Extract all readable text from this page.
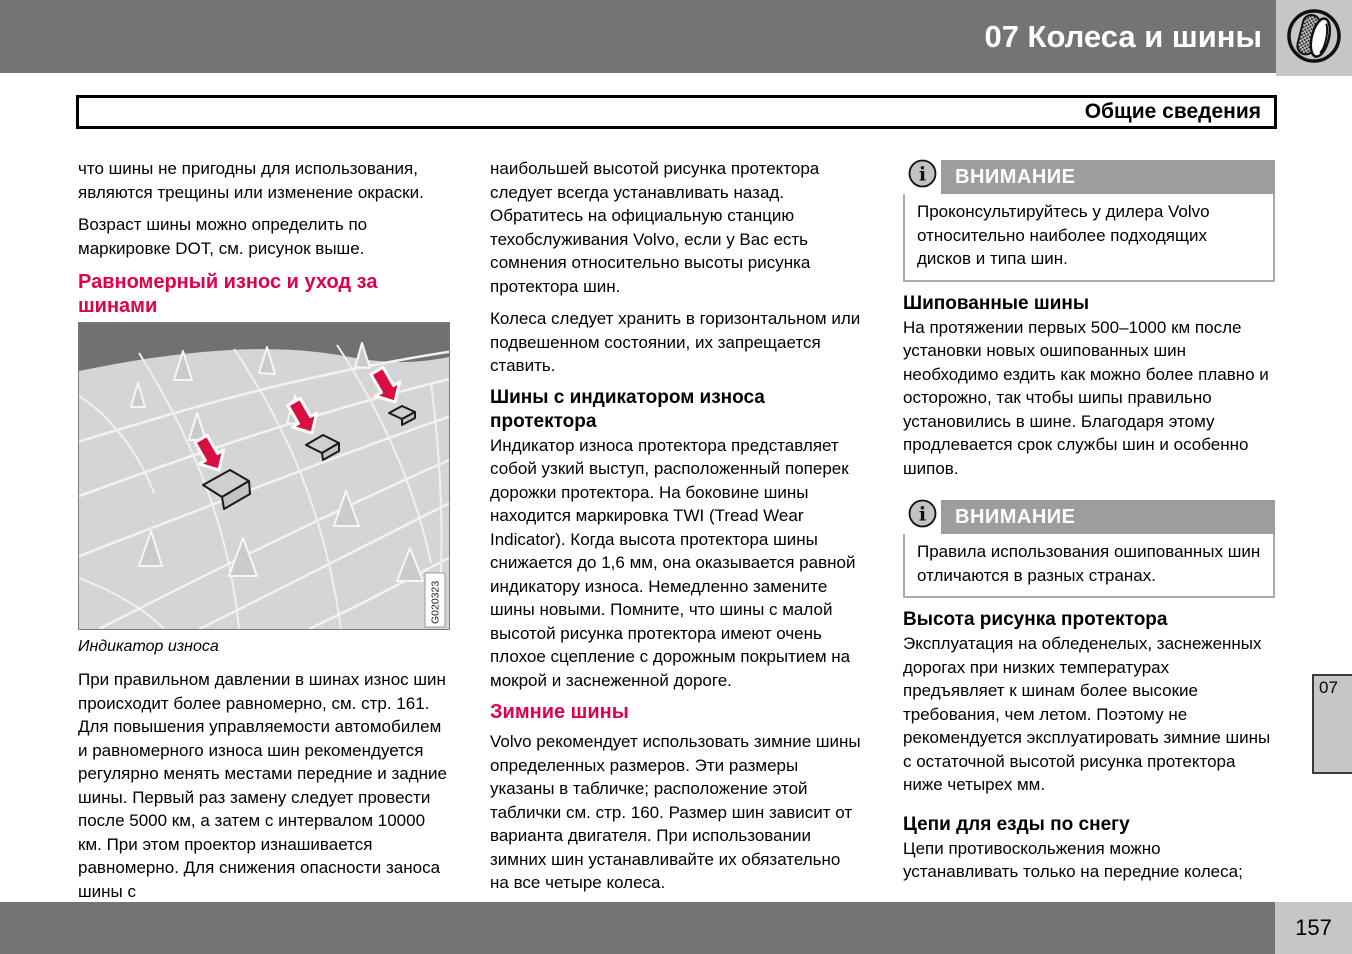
07 Колеса и шины
Общие сведения

что шины не пригодны для использования, являются трещины или изменение окраски.

Возраст шины можно определить по маркировке DOT, см. рисунок выше.

Равномерный износ и уход за шинами
G020323
Индикатор износа

При правильном давлении в шинах износ шин происходит более равномерно, см. стр. 161. Для повышения управляемости автомобилем и равномерного износа шин рекомендуется регулярно менять местами передние и задние шины. Первый раз замену следует провести после 5000 км, а затем с интервалом 10000 км. При этом проектор изнашивается равномерно. Для снижения опасности заноса шины с

наибольшей высотой рисунка протектора следует всегда устанавливать назад. Обратитесь на официальную станцию техобслуживания Volvo, если у Вас есть сомнения относительно высоты рисунка протектора шин.

Колеса следует хранить в горизонтальном или подвешенном состоянии, их запрещается ставить.

Шины с индикатором износа протектора

Индикатор износа протектора представляет собой узкий выступ, расположенный поперек дорожки протектора. На боковине шины находится маркировка TWI (Tread Wear Indicator). Когда высота протектора шины снижается до 1,6 мм, она оказывается равной индикатору износа. Немедленно замените шины новыми. Помните, что шины с малой высотой рисунка протектора имеют очень плохое сцепление с дорожным покрытием на мокрой и заснеженной дороге.

Зимние шины

Volvo рекомендует использовать зимние шины определенных размеров. Эти размеры указаны в табличке; расположение этой таблички см. стр. 160. Размер шин зависит от варианта двигателя. При использовании зимних шин устанавливайте их обязательно на все четыре колеса.

i	ВНИМАНИЕ
Проконсультируйтесь у дилера Volvo относительно наиболее подходящих дисков и типа шин.
Шипованные шины

На протяжении первых 500–1000 км после установки новых ошипованных шин необходимо ездить как можно более плавно и осторожно, так чтобы шипы правильно установились в шине. Благодаря этому продлевается срок службы шин и особенно шипов.

i	ВНИМАНИЕ
Правила использования ошипованных шин отличаются в разных странах.
Высота рисунка протектора

Эксплуатация на обледенелых, заснеженных дорогах при низких температурах предъявляет к шинам более высокие требования, чем летом. Поэтому не рекомендуется эксплуатировать зимние шины с остаточной высотой рисунка протектора ниже четырех мм.

Цепи для езды по снегу

Цепи противоскольжения можно устанавливать только на передние колеса;

07
157
